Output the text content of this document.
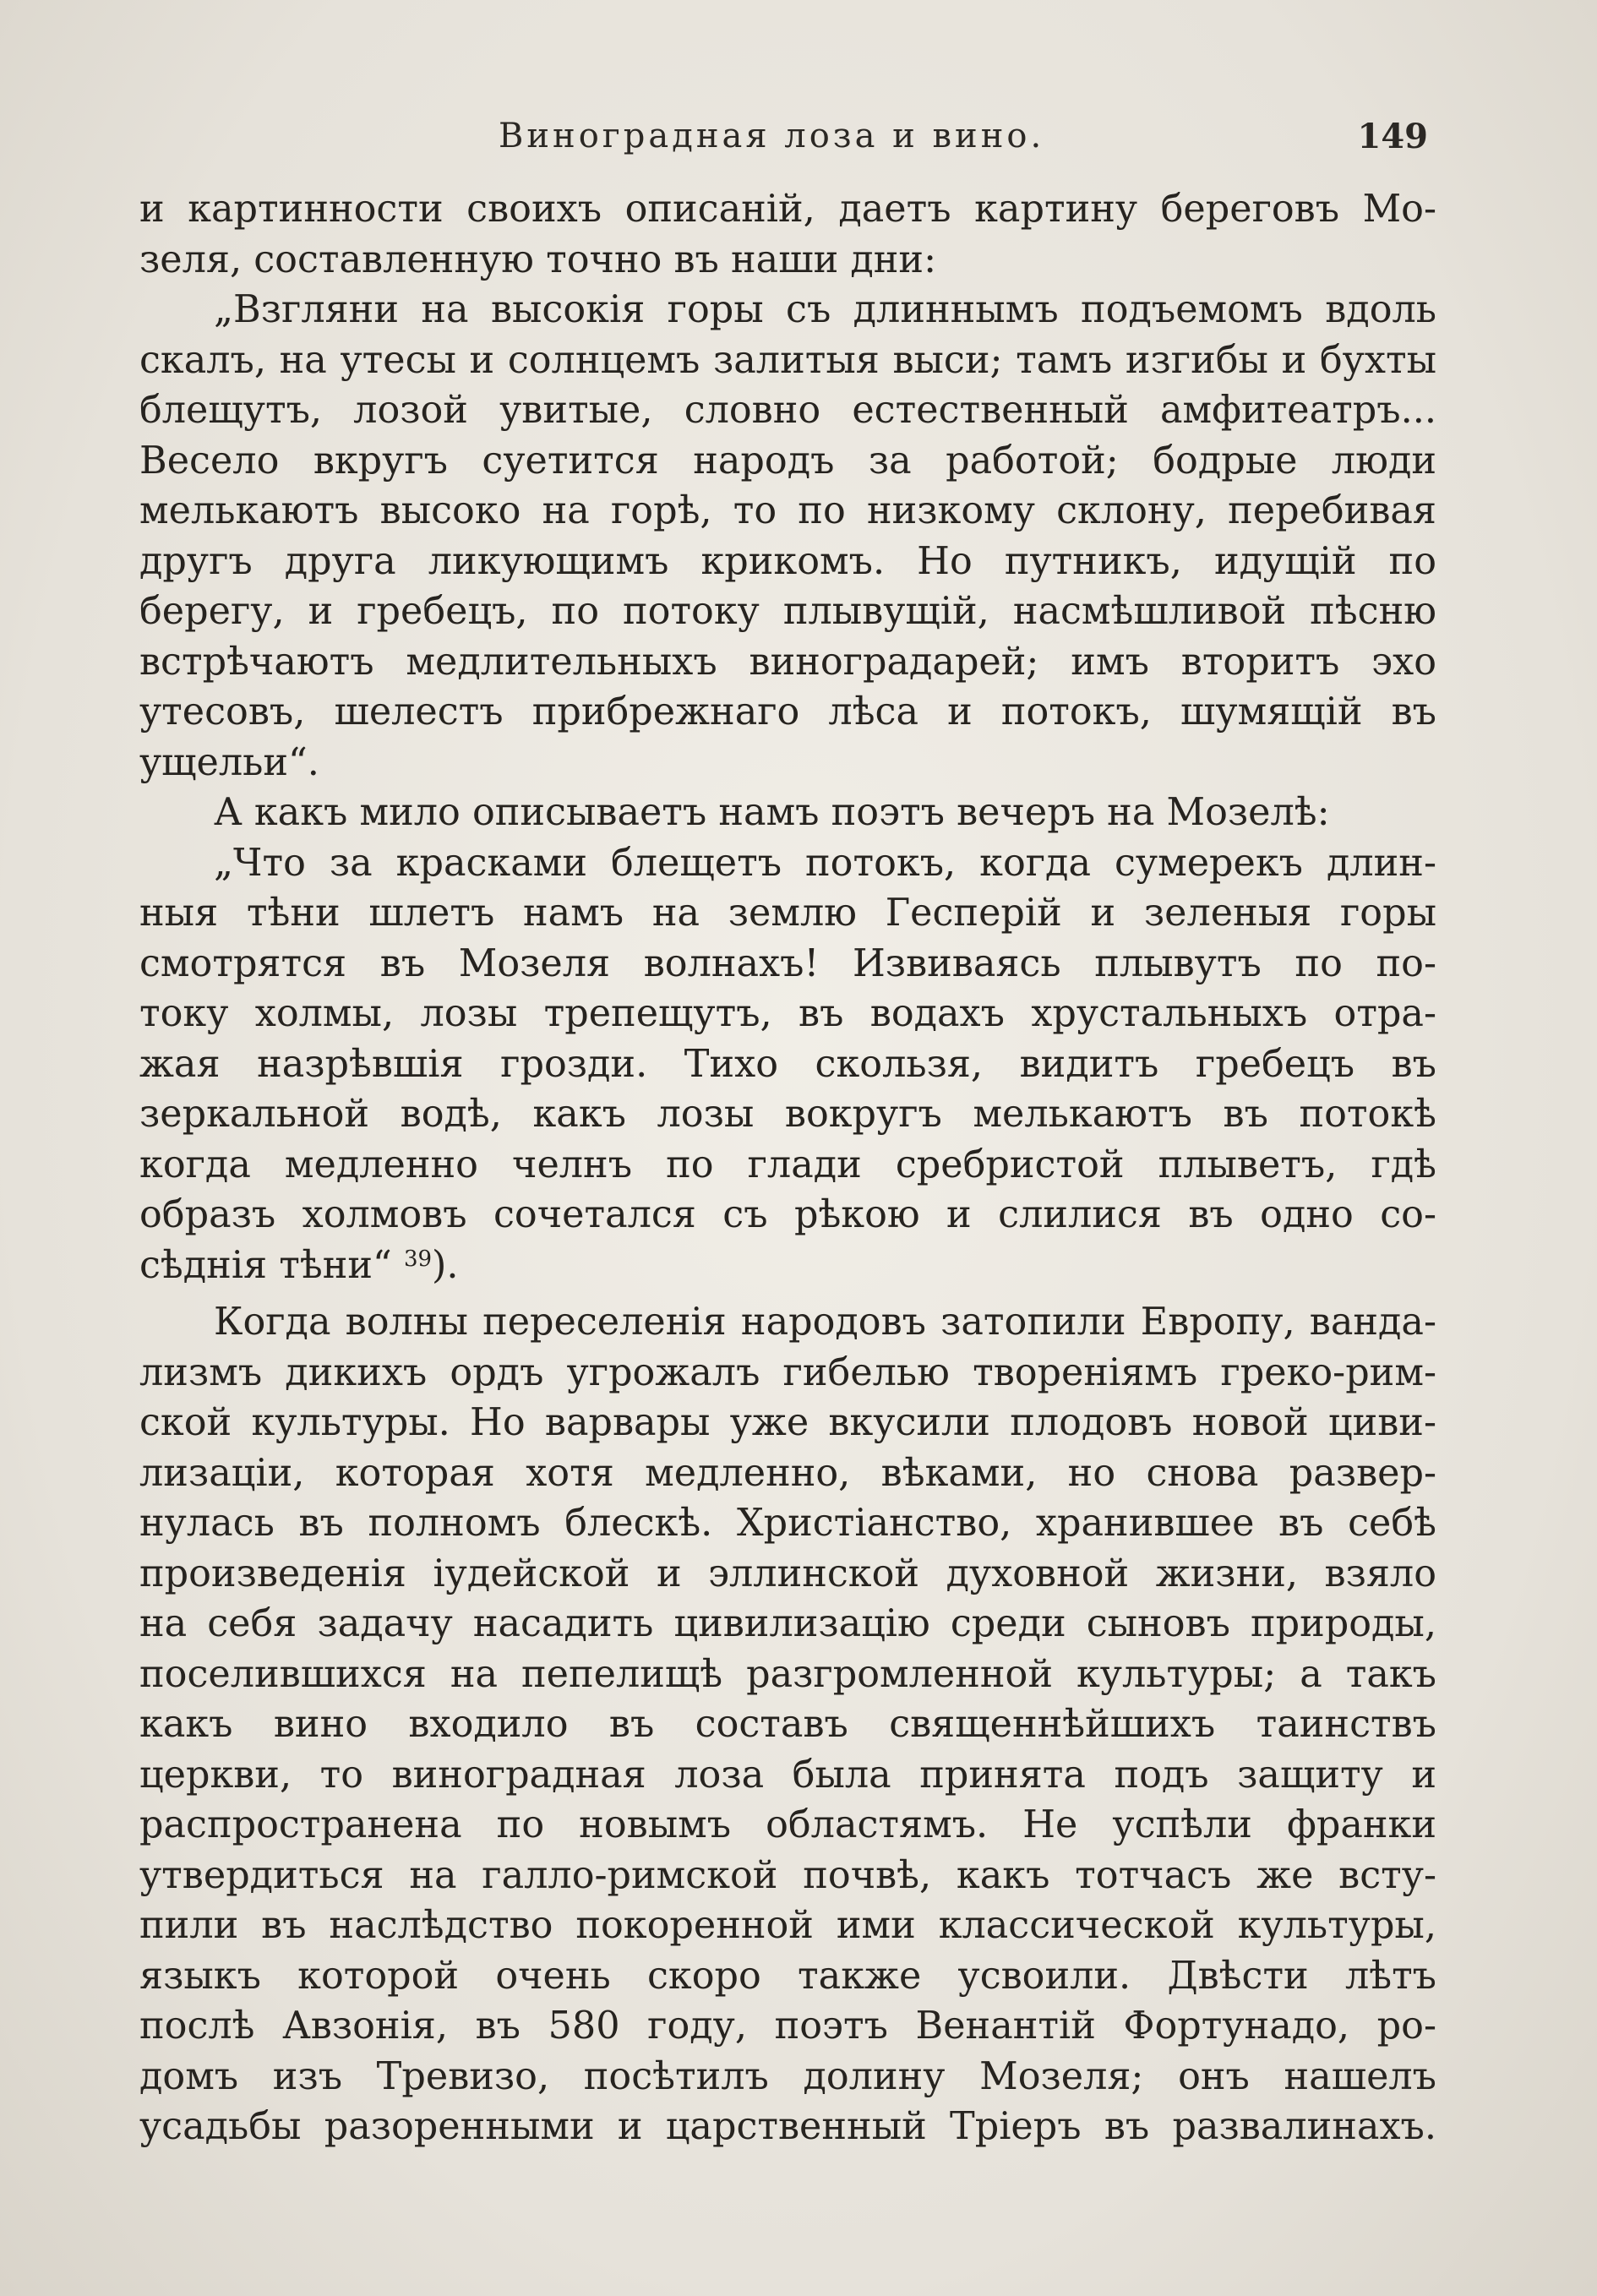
Виноградная лоза и вино.	149
и картинности своихъ описаній, даетъ картину береговъ Мо-
зеля, составленную точно въ наши дни:
„Взгляни на высокія горы съ длиннымъ подъемомъ вдоль
скалъ, на утесы и солнцемъ залитыя выси; тамъ изгибы и бухты
блещутъ, лозой увитые, словно естественный амфитеатръ...
Весело вкругъ суетится народъ за работой; бодрые люди
мелькаютъ высоко на горѣ, то по низкому склону, перебивая
другъ друга ликующимъ крикомъ. Но путникъ, идущій по
берегу, и гребецъ, по потоку плывущій, насмѣшливой пѣсню
встрѣчаютъ медлительныхъ виноградарей; имъ вторитъ эхо
утесовъ, шелестъ прибрежнаго лѣса и потокъ, шумящій въ
ущельи“.
А какъ мило описываетъ намъ поэтъ вечеръ на Мозелѣ:
„Что за красками блещетъ потокъ, когда сумерекъ длин-
ныя тѣни шлетъ намъ на землю Гесперій и зеленыя горы
смотрятся въ Мозеля волнахъ! Извиваясь плывутъ по по-
току холмы, лозы трепещутъ, въ водахъ хрустальныхъ отра-
жая назрѣвшія грозди. Тихо скользя, видитъ гребецъ въ
зеркальной водѣ, какъ лозы вокругъ мелькаютъ въ потокѣ
когда медленно челнъ по глади сребристой плыветъ, гдѣ
образъ холмовъ сочетался съ рѣкою и слилися въ одно со-
сѣднія тѣни“ $^{39}$).
Когда волны переселенія народовъ затопили Европу, ванда-
лизмъ дикихъ ордъ угрожалъ гибелью твореніямъ греко-рим-
ской культуры. Но варвары уже вкусили плодовъ новой циви-
лизаціи, которая хотя медленно, вѣками, но снова развер-
нулась въ полномъ блескѣ. Христіанство, хранившее въ себѣ
произведенія іудейской и эллинской духовной жизни, взяло
на себя задачу насадить цивилизацію среди сыновъ природы,
поселившихся на пепелищѣ разгромленной культуры; а такъ
какъ вино входило въ составъ священнѣйшихъ таинствъ
церкви, то виноградная лоза была принята подъ защиту и
распространена по новымъ областямъ. Не успѣли франки
утвердиться на галло-римской почвѣ, какъ тотчасъ же всту-
пили въ наслѣдство покоренной ими классической культуры,
языкъ которой очень скоро также усвоили. Двѣсти лѣтъ
послѣ Авзонія, въ 580 году, поэтъ Венантій Фортунадо, ро-
домъ изъ Тревизо, посѣтилъ долину Мозеля; онъ нашелъ
усадьбы разоренными и царственный Трieръ въ развалинахъ.
